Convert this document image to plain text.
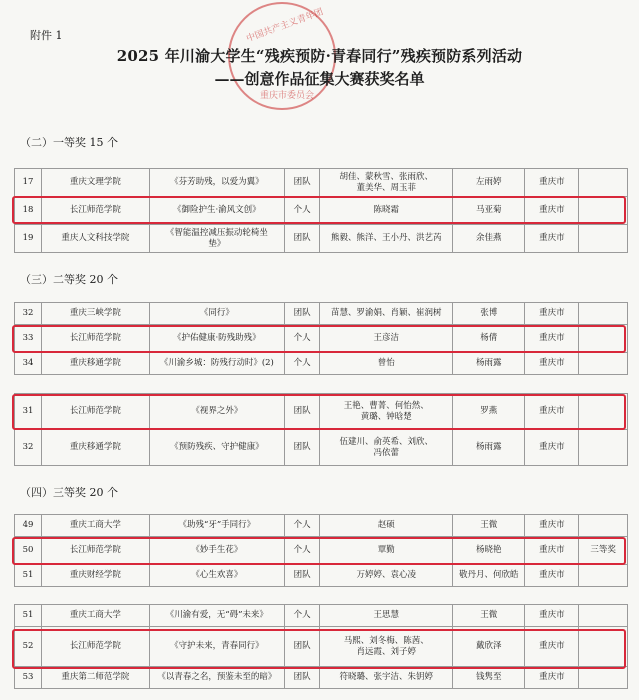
中国共产主义青年团
重庆市委员会
附件 1
2025 年川渝大学生“残疾预防·青春同行”残疾预防系列活动
——创意作品征集大赛获奖名单
（二）一等奖 15 个
17	重庆文理学院	《芬芳助残，以爱为翼》	团队	胡佳、蒙秋雪、张雨欣、
董美华、周玉菲	左雨婷	重庆市	
18	长江师范学院	《御险护生·渝风文创》	个人	陈晓霜	马亚菊	重庆市	
19	重庆人文科技学院	《智能温控减压振动轮椅坐
垫》	团队	熊毅、熊洋、王小丹、洪艺芮	余佳燕	重庆市	
（三）二等奖 20 个
32	重庆三峡学院	《同行》	团队	苗慧、罗渝娟、肖颖、崔润树	张博	重庆市	
33	长江师范学院	《护佑健康·防残助残》	个人	王彦洁	杨倩	重庆市	
34	重庆移通学院	《川渝乡城：防残行动时》(2)	个人	曾怡	杨雨露	重庆市	
31	长江师范学院	《视界之外》	团队	王艳、曹菁、何怡然、
黄璐、钟晗楚	罗燕	重庆市	
32	重庆移通学院	《预防残疾、守护健康》	团队	伍建川、俞英希、刘欣、
冯依蕾	杨雨露	重庆市	
（四）三等奖 20 个
49	重庆工商大学	《助残“牙”手同行》	个人	赵硕	王微	重庆市	
50	长江师范学院	《妙手生花》	个人	覃勤	杨晓艳	重庆市	三等奖
51	重庆财经学院	《心生欢喜》	团队	万婷婷、袁心凌	敬丹月、何欣皓	重庆市	
51	重庆工商大学	《川渝有爱，无“碍”未来》	个人	王思慧	王微	重庆市	
52	长江师范学院	《守护未来，青春同行》	团队	马熙、刘冬梅、陈茜、
肖远霞、刘子婷	戴欣泽	重庆市	
53	重庆第二师范学院	《以青春之名，预鉴未至的暗》	团队	符晓璐、张宇洁、朱钥婷	钱隽至	重庆市	
